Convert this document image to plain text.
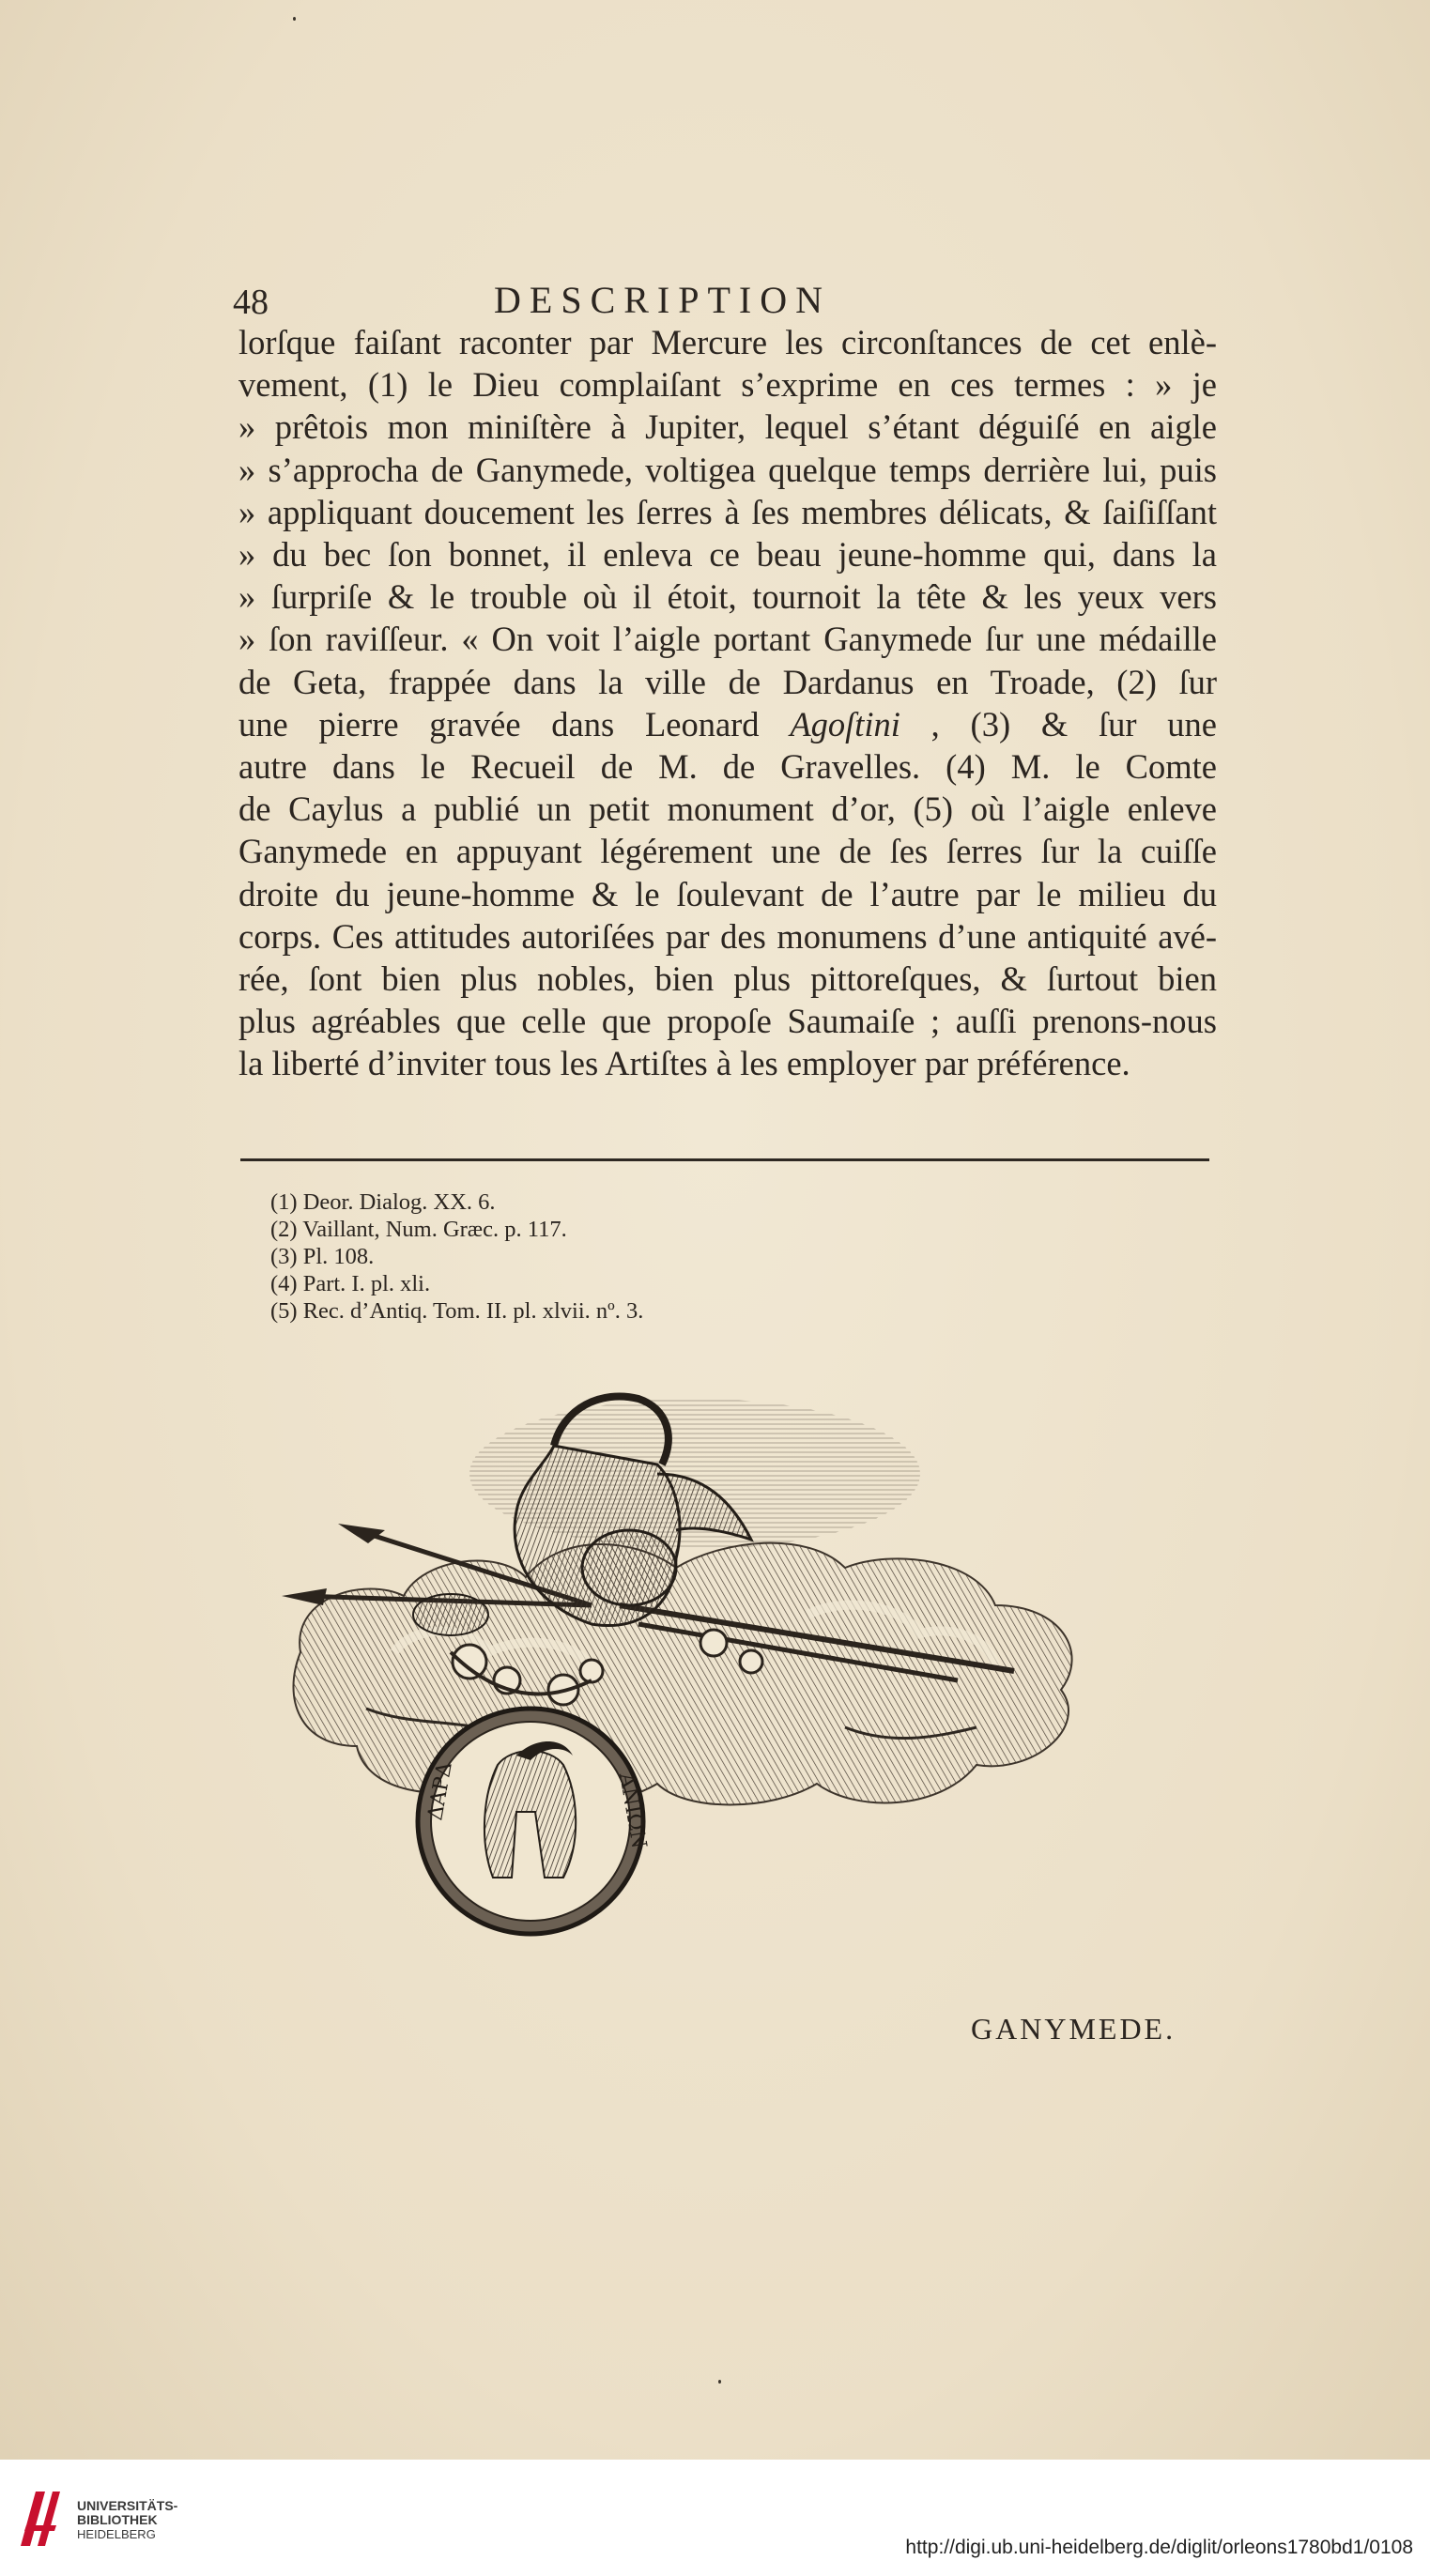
48	DESCRIPTION
lorſque faiſant raconter par Mercure les circonſtances de cet enlè-
vement, (1) le Dieu complaiſant s’exprime en ces termes : » je
» prêtois mon miniſtère à Jupiter, lequel s’étant déguiſé en aigle
» s’approcha de Ganymede, voltigea quelque temps derrière lui, puis
» appliquant doucement les ſerres à ſes membres délicats, & ſaiſiſſant
» du bec ſon bonnet, il enleva ce beau jeune-homme qui, dans la
» ſurpriſe & le trouble où il étoit, tournoit la tête & les yeux vers
» ſon raviſſeur. « On voit l’aigle portant Ganymede ſur une médaille
de Geta, frappée dans la ville de Dardanus en Troade, (2) ſur
une pierre gravée dans Leonard Agoſtini , (3) & ſur une
autre dans le Recueil de M. de Gravelles. (4) M. le Comte
de Caylus a publié un petit monument d’or, (5) où l’aigle enleve
Ganymede en appuyant légérement une de ſes ſerres ſur la cuiſſe
droite du jeune-homme & le ſoulevant de l’autre par le milieu du
corps. Ces attitudes autoriſées par des monumens d’une antiquité avé-
rée, ſont bien plus nobles, bien plus pittoreſques, & ſurtout bien
plus agréables que celle que propoſe Saumaiſe ; auſſi prenons-nous
la liberté d’inviter tous les Artiſtes à les employer par préférence.
(1) Deor. Dialog. XX. 6.
(2) Vaillant, Num. Græc. p. 117.
(3) Pl. 108.
(4) Part. I. pl. xli.
(5) Rec. d’Antiq. Tom. II. pl. xlvii. nº. 3.
ΔΑΡΔ	ΑΝΙΩΝ
GANYMEDE.
UNIVERSITÄTS-
BIBLIOTHEK
HEIDELBERG
http://digi.ub.uni-heidelberg.de/diglit/orleons1780bd1/0108
